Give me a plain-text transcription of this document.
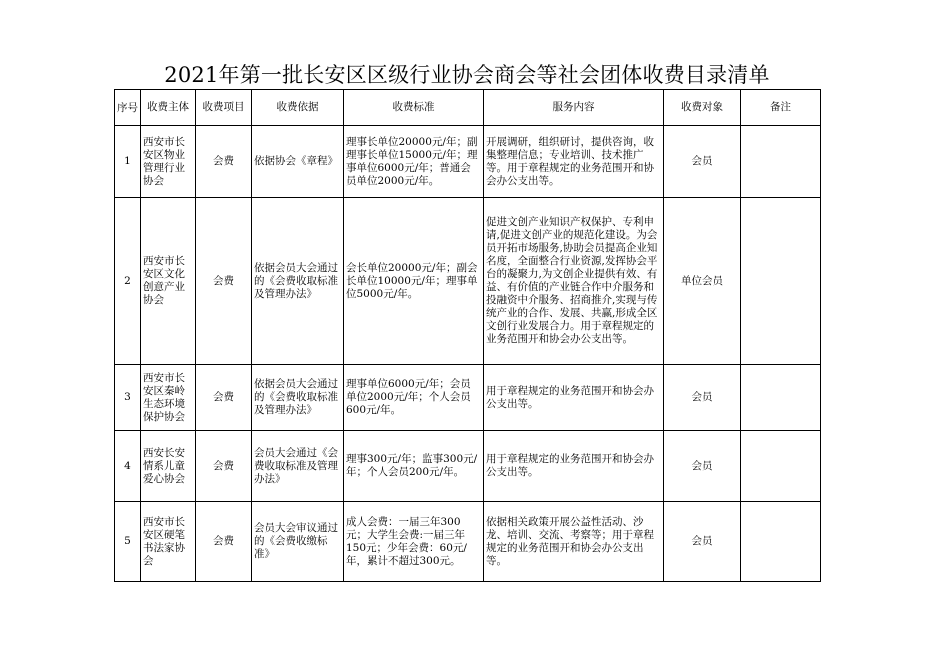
2021年第一批长安区区级行业协会商会等社会团体收费目录清单
序号	收费主体	收费项目	收费依据	收费标准	服务内容	收费对象	备注
1	西安市长安区物业管理行业协会	会费	依据协会《章程》	理事长单位20000元/年；副理事长单位15000元/年；理事单位6000元/年；普通会员单位2000元/年。	开展调研，组织研讨，提供咨询，收集整理信息；专业培训、技术推广等。用于章程规定的业务范围开和协会办公支出等。	会员	
2	西安市长安区文化创意产业协会	会费	依据会员大会通过的《会费收取标准及管理办法》	会长单位20000元/年；副会长单位10000元/年；理事单位5000元/年。	促进文创产业知识产权保护、专利申请,促进文创产业的规范化建设。为会员开拓市场服务,协助会员提高企业知名度，全面整合行业资源,发挥协会平台的凝聚力,为文创企业提供有效、有益、有价值的产业链合作中介服务和投融资中介服务、招商推介,实现与传统产业的合作、发展、共赢,形成全区文创行业发展合力。用于章程规定的业务范围开和协会办公支出等。	单位会员	
3	西安市长安区秦岭生态环境保护协会	会费	依据会员大会通过的《会费收取标准及管理办法》	理事单位6000元/年；会员单位2000元/年；个人会员600元/年。	用于章程规定的业务范围开和协会办公支出等。	会员	
4	西安长安情系儿童爱心协会	会费	会员大会通过《会费收取标准及管理办法》	理事300元/年；监事300元/年；个人会员200元/年。	用于章程规定的业务范围开和协会办公支出等。	会员	
5	西安市长安区硬笔书法家协会	会费	会员大会审议通过的《会费收缴标准》	成人会费：一届三年300元；大学生会费:一届三年150元；少年会费：60元/年，累计不超过300元。	依据相关政策开展公益性活动、沙龙、培训、交流、考察等；用于章程规定的业务范围开和协会办公支出等。	会员	
